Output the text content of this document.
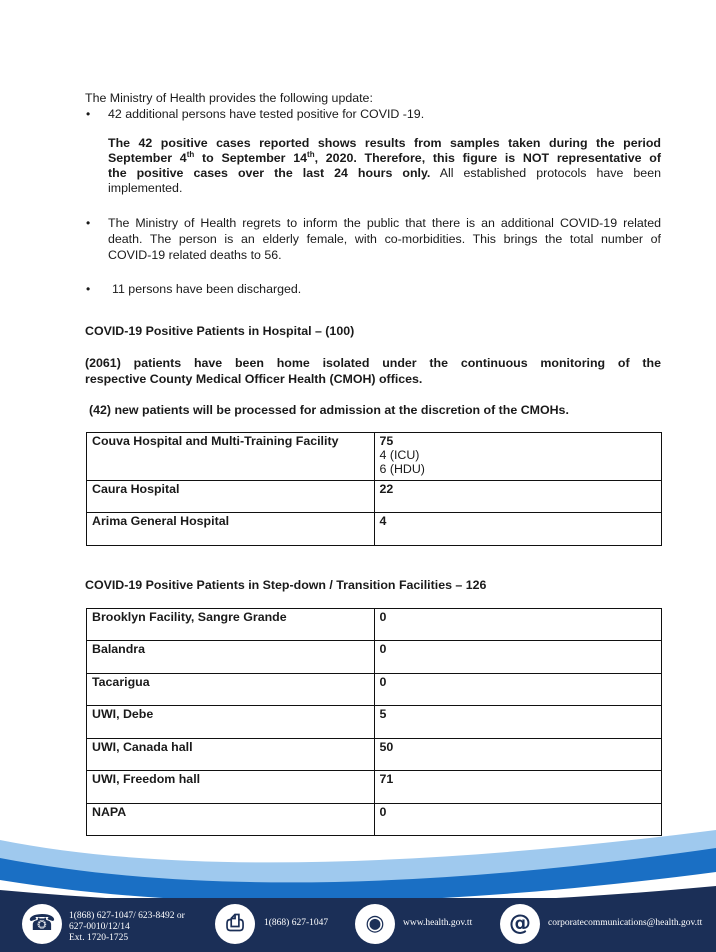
The Ministry of Health provides the following update:
• 42 additional persons have tested positive for COVID -19.
The 42 positive cases reported shows results from samples taken during the period
September 4th to September 14th, 2020. Therefore, this figure is NOT representative of
the positive cases over the last 24 hours only. All established protocols have been
implemented.
• The Ministry of Health regrets to inform the public that there is an additional COVID-19 related
death. The person is an elderly female, with co-morbidities. This brings the total number of
COVID-19 related deaths to 56.
• 11 persons have been discharged.
COVID-19 Positive Patients in Hospital – (100)
(2061) patients have been home isolated under the continuous monitoring of the
respective County Medical Officer Health (CMOH) offices.
(42) new patients will be processed for admission at the discretion of the CMOHs.
Couva Hospital and Multi-Training Facility	75
4 (ICU)
6 (HDU)

Caura Hospital	22
Arima General Hospital	4
COVID-19 Positive Patients in Step-down / Transition Facilities – 126
Brooklyn Facility, Sangre Grande	0
Balandra	0
Tacarigua	0
UWI, Debe	5
UWI, Canada hall	50
UWI, Freedom hall	71
NAPA	0
☎	1(868) 627-1047/ 623-8492 or
627-0010/12/14
Ext. 1720-1725
⎙	1(868) 627-1047	◉	www.health.gov.tt	@	corporatecommunications@health.gov.tt
